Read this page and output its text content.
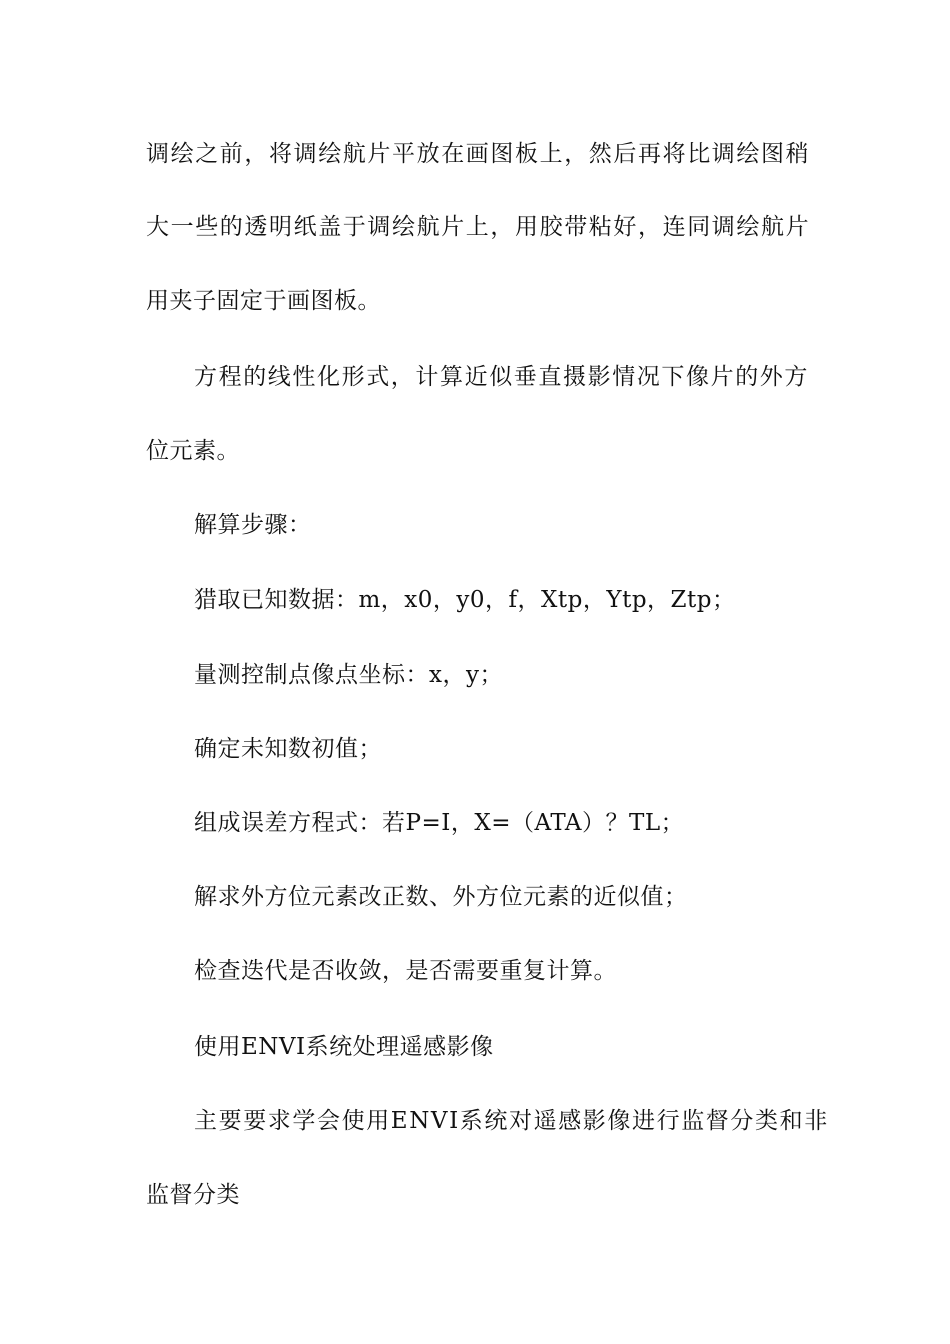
调绘之前，将调绘航片平放在画图板上，然后再将比调绘图稍
大一些的透明纸盖于调绘航片上，用胶带粘好，连同调绘航片
用夹子固定于画图板。
方程的线性化形式，计算近似垂直摄影情况下像片的外方
位元素。
解算步骤：
猎取已知数据：m，x0，y0，f，Xtp，Ytp，Ztp；
量测控制点像点坐标：x，y；
确定未知数初值；
组成误差方程式：若P=I，X=（ATA）？TL；
解求外方位元素改正数、外方位元素的近似值；
检查迭代是否收敛，是否需要重复计算。
使用ENVI系统处理遥感影像
主要要求学会使用ENVI系统对遥感影像进行监督分类和非
监督分类
